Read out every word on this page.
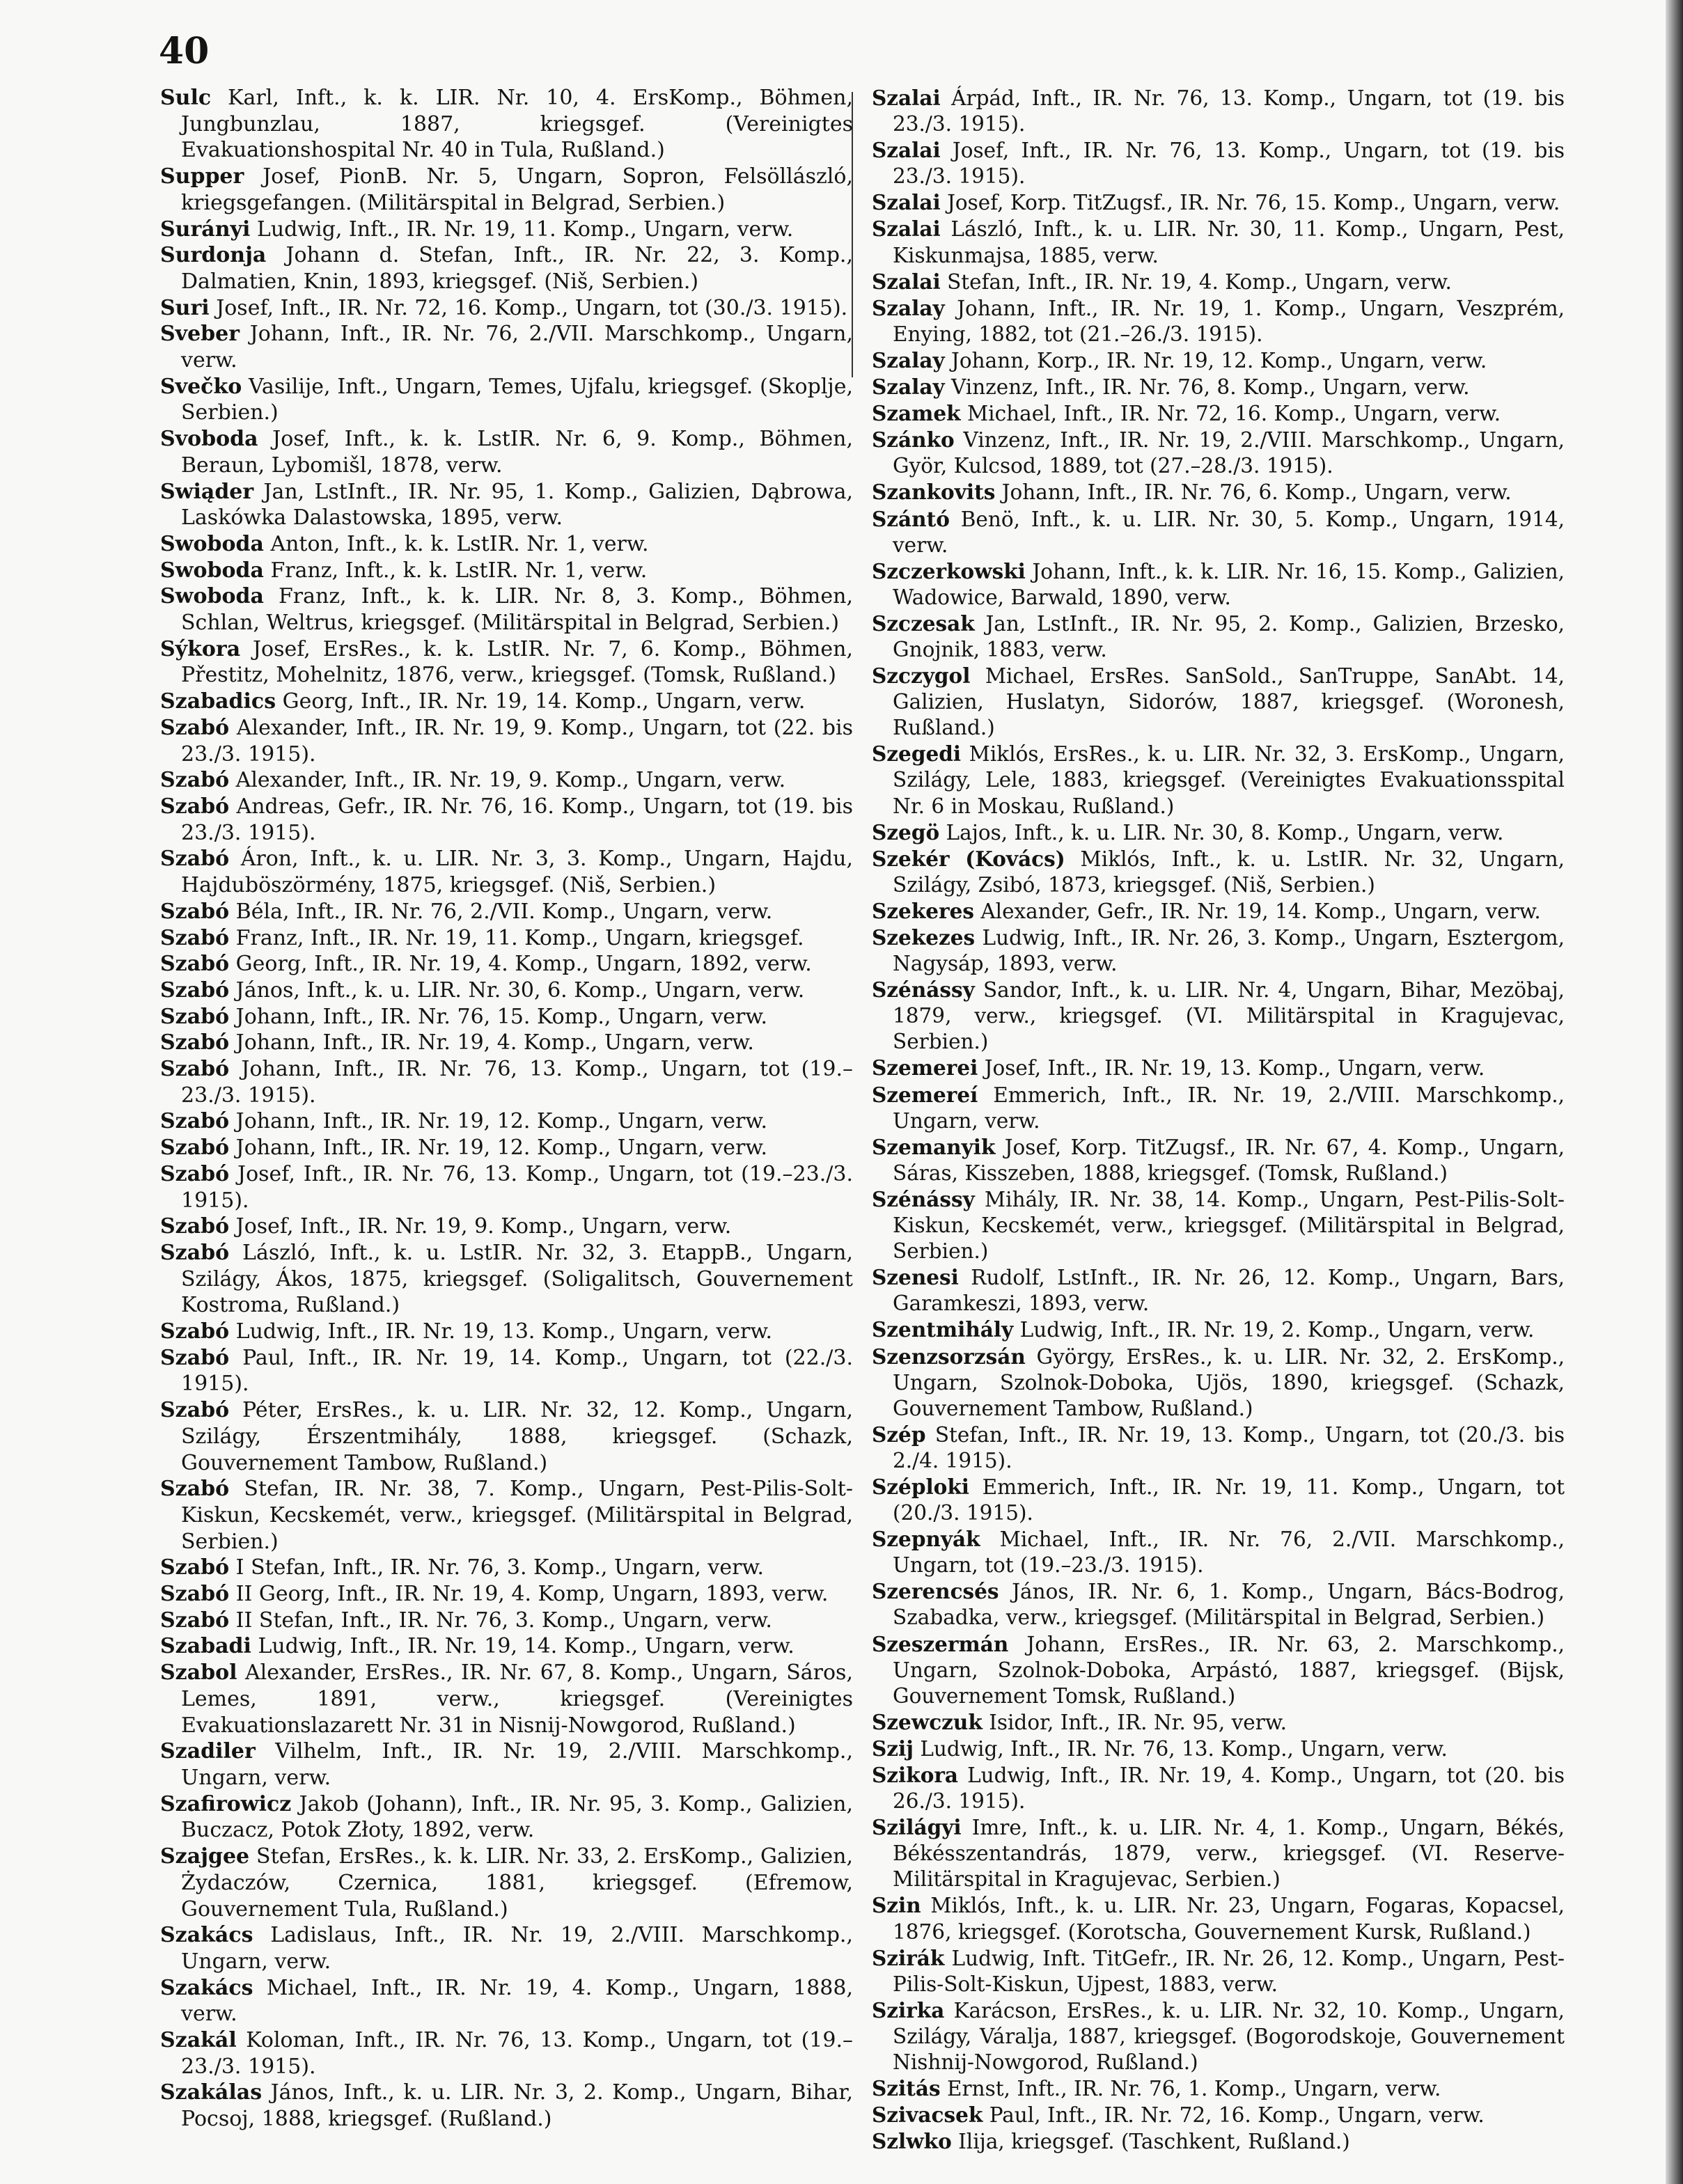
40
Sulc Karl, Inft., k. k. LIR. Nr. 10, 4. ErsKomp., Böhmen, Jungbunzlau, 1887, kriegsgef. (Vereinigtes Evakuationshospital Nr. 40 in Tula, Rußland.)
Supper Josef, PionB. Nr. 5, Ungarn, Sopron, Felsöllászló, kriegsgefangen. (Militärspital in Belgrad, Serbien.)
Surányi Ludwig, Inft., IR. Nr. 19, 11. Komp., Ungarn, verw.
Surdonja Johann d. Stefan, Inft., IR. Nr. 22, 3. Komp., Dalmatien, Knin, 1893, kriegsgef. (Niš, Serbien.)
Suri Josef, Inft., IR. Nr. 72, 16. Komp., Ungarn, tot (30./3. 1915).
Sveber Johann, Inft., IR. Nr. 76, 2./VII. Marschkomp., Ungarn, verw.
Svečko Vasilije, Inft., Ungarn, Temes, Ujfalu, kriegsgef. (Skoplje, Serbien.)
Svoboda Josef, Inft., k. k. LstIR. Nr. 6, 9. Komp., Böhmen, Beraun, Lybomišl, 1878, verw.
Swiąder Jan, LstInft., IR. Nr. 95, 1. Komp., Galizien, Dąbrowa, Laskówka Dalastowska, 1895, verw.
Swoboda Anton, Inft., k. k. LstIR. Nr. 1, verw.
Swoboda Franz, Inft., k. k. LstIR. Nr. 1, verw.
Swoboda Franz, Inft., k. k. LIR. Nr. 8, 3. Komp., Böhmen, Schlan, Weltrus, kriegsgef. (Militärspital in Belgrad, Serbien.)
Sýkora Josef, ErsRes., k. k. LstIR. Nr. 7, 6. Komp., Böhmen, Přestitz, Mohelnitz, 1876, verw., kriegsgef. (Tomsk, Rußland.)
Szabadics Georg, Inft., IR. Nr. 19, 14. Komp., Ungarn, verw.
Szabó Alexander, Inft., IR. Nr. 19, 9. Komp., Ungarn, tot (22. bis 23./3. 1915).
Szabó Alexander, Inft., IR. Nr. 19, 9. Komp., Ungarn, verw.
Szabó Andreas, Gefr., IR. Nr. 76, 16. Komp., Ungarn, tot (19. bis 23./3. 1915).
Szabó Áron, Inft., k. u. LIR. Nr. 3, 3. Komp., Ungarn, Hajdu, Hajduböszörmény, 1875, kriegsgef. (Niš, Serbien.)
Szabó Béla, Inft., IR. Nr. 76, 2./VII. Komp., Ungarn, verw.
Szabó Franz, Inft., IR. Nr. 19, 11. Komp., Ungarn, kriegsgef.
Szabó Georg, Inft., IR. Nr. 19, 4. Komp., Ungarn, 1892, verw.
Szabó János, Inft., k. u. LIR. Nr. 30, 6. Komp., Ungarn, verw.
Szabó Johann, Inft., IR. Nr. 76, 15. Komp., Ungarn, verw.
Szabó Johann, Inft., IR. Nr. 19, 4. Komp., Ungarn, verw.
Szabó Johann, Inft., IR. Nr. 76, 13. Komp., Ungarn, tot (19.–23./3. 1915).
Szabó Johann, Inft., IR. Nr. 19, 12. Komp., Ungarn, verw.
Szabó Johann, Inft., IR. Nr. 19, 12. Komp., Ungarn, verw.
Szabó Josef, Inft., IR. Nr. 76, 13. Komp., Ungarn, tot (19.–23./3. 1915).
Szabó Josef, Inft., IR. Nr. 19, 9. Komp., Ungarn, verw.
Szabó László, Inft., k. u. LstIR. Nr. 32, 3. EtappB., Ungarn, Szilágy, Ákos, 1875, kriegsgef. (Soligalitsch, Gouvernement Kostroma, Rußland.)
Szabó Ludwig, Inft., IR. Nr. 19, 13. Komp., Ungarn, verw.
Szabó Paul, Inft., IR. Nr. 19, 14. Komp., Ungarn, tot (22./3. 1915).
Szabó Péter, ErsRes., k. u. LIR. Nr. 32, 12. Komp., Ungarn, Szilágy, Érszentmihály, 1888, kriegsgef. (Schazk, Gouvernement Tambow, Rußland.)
Szabó Stefan, IR. Nr. 38, 7. Komp., Ungarn, Pest-Pilis-Solt-Kiskun, Kecskemét, verw., kriegsgef. (Militärspital in Belgrad, Serbien.)
Szabó I Stefan, Inft., IR. Nr. 76, 3. Komp., Ungarn, verw.
Szabó II Georg, Inft., IR. Nr. 19, 4. Komp, Ungarn, 1893, verw.
Szabó II Stefan, Inft., IR. Nr. 76, 3. Komp., Ungarn, verw.
Szabadi Ludwig, Inft., IR. Nr. 19, 14. Komp., Ungarn, verw.
Szabol Alexander, ErsRes., IR. Nr. 67, 8. Komp., Ungarn, Sáros, Lemes, 1891, verw., kriegsgef. (Vereinigtes Evakuationslazarett Nr. 31 in Nisnij-Nowgorod, Rußland.)
Szadiler Vilhelm, Inft., IR. Nr. 19, 2./VIII. Marschkomp., Ungarn, verw.
Szafirowicz Jakob (Johann), Inft., IR. Nr. 95, 3. Komp., Galizien, Buczacz, Potok Złoty, 1892, verw.
Szajgee Stefan, ErsRes., k. k. LIR. Nr. 33, 2. ErsKomp., Galizien, Żydaczów, Czernica, 1881, kriegsgef. (Efremow, Gouvernement Tula, Rußland.)
Szakács Ladislaus, Inft., IR. Nr. 19, 2./VIII. Marschkomp., Ungarn, verw.
Szakács Michael, Inft., IR. Nr. 19, 4. Komp., Ungarn, 1888, verw.
Szakál Koloman, Inft., IR. Nr. 76, 13. Komp., Ungarn, tot (19.–23./3. 1915).
Szakálas János, Inft., k. u. LIR. Nr. 3, 2. Komp., Ungarn, Bihar, Pocsoj, 1888, kriegsgef. (Rußland.)
Szalai Árpád, Inft., IR. Nr. 76, 13. Komp., Ungarn, tot (19. bis 23./3. 1915).
Szalai Josef, Inft., IR. Nr. 76, 13. Komp., Ungarn, tot (19. bis 23./3. 1915).
Szalai Josef, Korp. TitZugsf., IR. Nr. 76, 15. Komp., Ungarn, verw.
Szalai László, Inft., k. u. LIR. Nr. 30, 11. Komp., Ungarn, Pest, Kiskunmajsa, 1885, verw.
Szalai Stefan, Inft., IR. Nr. 19, 4. Komp., Ungarn, verw.
Szalay Johann, Inft., IR. Nr. 19, 1. Komp., Ungarn, Veszprém, Enying, 1882, tot (21.–26./3. 1915).
Szalay Johann, Korp., IR. Nr. 19, 12. Komp., Ungarn, verw.
Szalay Vinzenz, Inft., IR. Nr. 76, 8. Komp., Ungarn, verw.
Szamek Michael, Inft., IR. Nr. 72, 16. Komp., Ungarn, verw.
Szánko Vinzenz, Inft., IR. Nr. 19, 2./VIII. Marschkomp., Ungarn, Györ, Kulcsod, 1889, tot (27.–28./3. 1915).
Szankovits Johann, Inft., IR. Nr. 76, 6. Komp., Ungarn, verw.
Szántó Benö, Inft., k. u. LIR. Nr. 30, 5. Komp., Ungarn, 1914, verw.
Szczerkowski Johann, Inft., k. k. LIR. Nr. 16, 15. Komp., Galizien, Wadowice, Barwald, 1890, verw.
Szczesak Jan, LstInft., IR. Nr. 95, 2. Komp., Galizien, Brzesko, Gnojnik, 1883, verw.
Szczygol Michael, ErsRes. SanSold., SanTruppe, SanAbt. 14, Galizien, Huslatyn, Sidorów, 1887, kriegsgef. (Woronesh, Rußland.)
Szegedi Miklós, ErsRes., k. u. LIR. Nr. 32, 3. ErsKomp., Ungarn, Szilágy, Lele, 1883, kriegsgef. (Vereinigtes Evakuationsspital Nr. 6 in Moskau, Rußland.)
Szegö Lajos, Inft., k. u. LIR. Nr. 30, 8. Komp., Ungarn, verw.
Szekér (Kovács) Miklós, Inft., k. u. LstIR. Nr. 32, Ungarn, Szilágy, Zsibó, 1873, kriegsgef. (Niš, Serbien.)
Szekeres Alexander, Gefr., IR. Nr. 19, 14. Komp., Ungarn, verw.
Szekezes Ludwig, Inft., IR. Nr. 26, 3. Komp., Ungarn, Esztergom, Nagysáp, 1893, verw.
Szénássy Sandor, Inft., k. u. LIR. Nr. 4, Ungarn, Bihar, Mezöbaj, 1879, verw., kriegsgef. (VI. Militärspital in Kragujevac, Serbien.)
Szemerei Josef, Inft., IR. Nr. 19, 13. Komp., Ungarn, verw.
Szemereí Emmerich, Inft., IR. Nr. 19, 2./VIII. Marschkomp., Ungarn, verw.
Szemanyik Josef, Korp. TitZugsf., IR. Nr. 67, 4. Komp., Ungarn, Sáras, Kisszeben, 1888, kriegsgef. (Tomsk, Rußland.)
Szénássy Mihály, IR. Nr. 38, 14. Komp., Ungarn, Pest-Pilis-Solt-Kiskun, Kecskemét, verw., kriegsgef. (Militärspital in Belgrad, Serbien.)
Szenesi Rudolf, LstInft., IR. Nr. 26, 12. Komp., Ungarn, Bars, Garamkeszi, 1893, verw.
Szentmihály Ludwig, Inft., IR. Nr. 19, 2. Komp., Ungarn, verw.
Szenzsorzsán György, ErsRes., k. u. LIR. Nr. 32, 2. ErsKomp., Ungarn, Szolnok-Doboka, Ujös, 1890, kriegsgef. (Schazk, Gouvernement Tambow, Rußland.)
Szép Stefan, Inft., IR. Nr. 19, 13. Komp., Ungarn, tot (20./3. bis 2./4. 1915).
Széploki Emmerich, Inft., IR. Nr. 19, 11. Komp., Ungarn, tot (20./3. 1915).
Szepnyák Michael, Inft., IR. Nr. 76, 2./VII. Marschkomp., Ungarn, tot (19.–23./3. 1915).
Szerencsés János, IR. Nr. 6, 1. Komp., Ungarn, Bács-Bodrog, Szabadka, verw., kriegsgef. (Militärspital in Belgrad, Serbien.)
Szeszermán Johann, ErsRes., IR. Nr. 63, 2. Marschkomp., Ungarn, Szolnok-Doboka, Arpástó, 1887, kriegsgef. (Bijsk, Gouvernement Tomsk, Rußland.)
Szewczuk Isidor, Inft., IR. Nr. 95, verw.
Szij Ludwig, Inft., IR. Nr. 76, 13. Komp., Ungarn, verw.
Szikora Ludwig, Inft., IR. Nr. 19, 4. Komp., Ungarn, tot (20. bis 26./3. 1915).
Szilágyi Imre, Inft., k. u. LIR. Nr. 4, 1. Komp., Ungarn, Békés, Békésszentandrás, 1879, verw., kriegsgef. (VI. Reserve-Militärspital in Kragujevac, Serbien.)
Szin Miklós, Inft., k. u. LIR. Nr. 23, Ungarn, Fogaras, Kopacsel, 1876, kriegsgef. (Korotscha, Gouvernement Kursk, Rußland.)
Szirák Ludwig, Inft. TitGefr., IR. Nr. 26, 12. Komp., Ungarn, Pest-Pilis-Solt-Kiskun, Ujpest, 1883, verw.
Szirka Karácson, ErsRes., k. u. LIR. Nr. 32, 10. Komp., Ungarn, Szilágy, Váralja, 1887, kriegsgef. (Bogorodskoje, Gouvernement Nishnij-Nowgorod, Rußland.)
Szitás Ernst, Inft., IR. Nr. 76, 1. Komp., Ungarn, verw.
Szivacsek Paul, Inft., IR. Nr. 72, 16. Komp., Ungarn, verw.
Szlwko Ilija, kriegsgef. (Taschkent, Rußland.)
